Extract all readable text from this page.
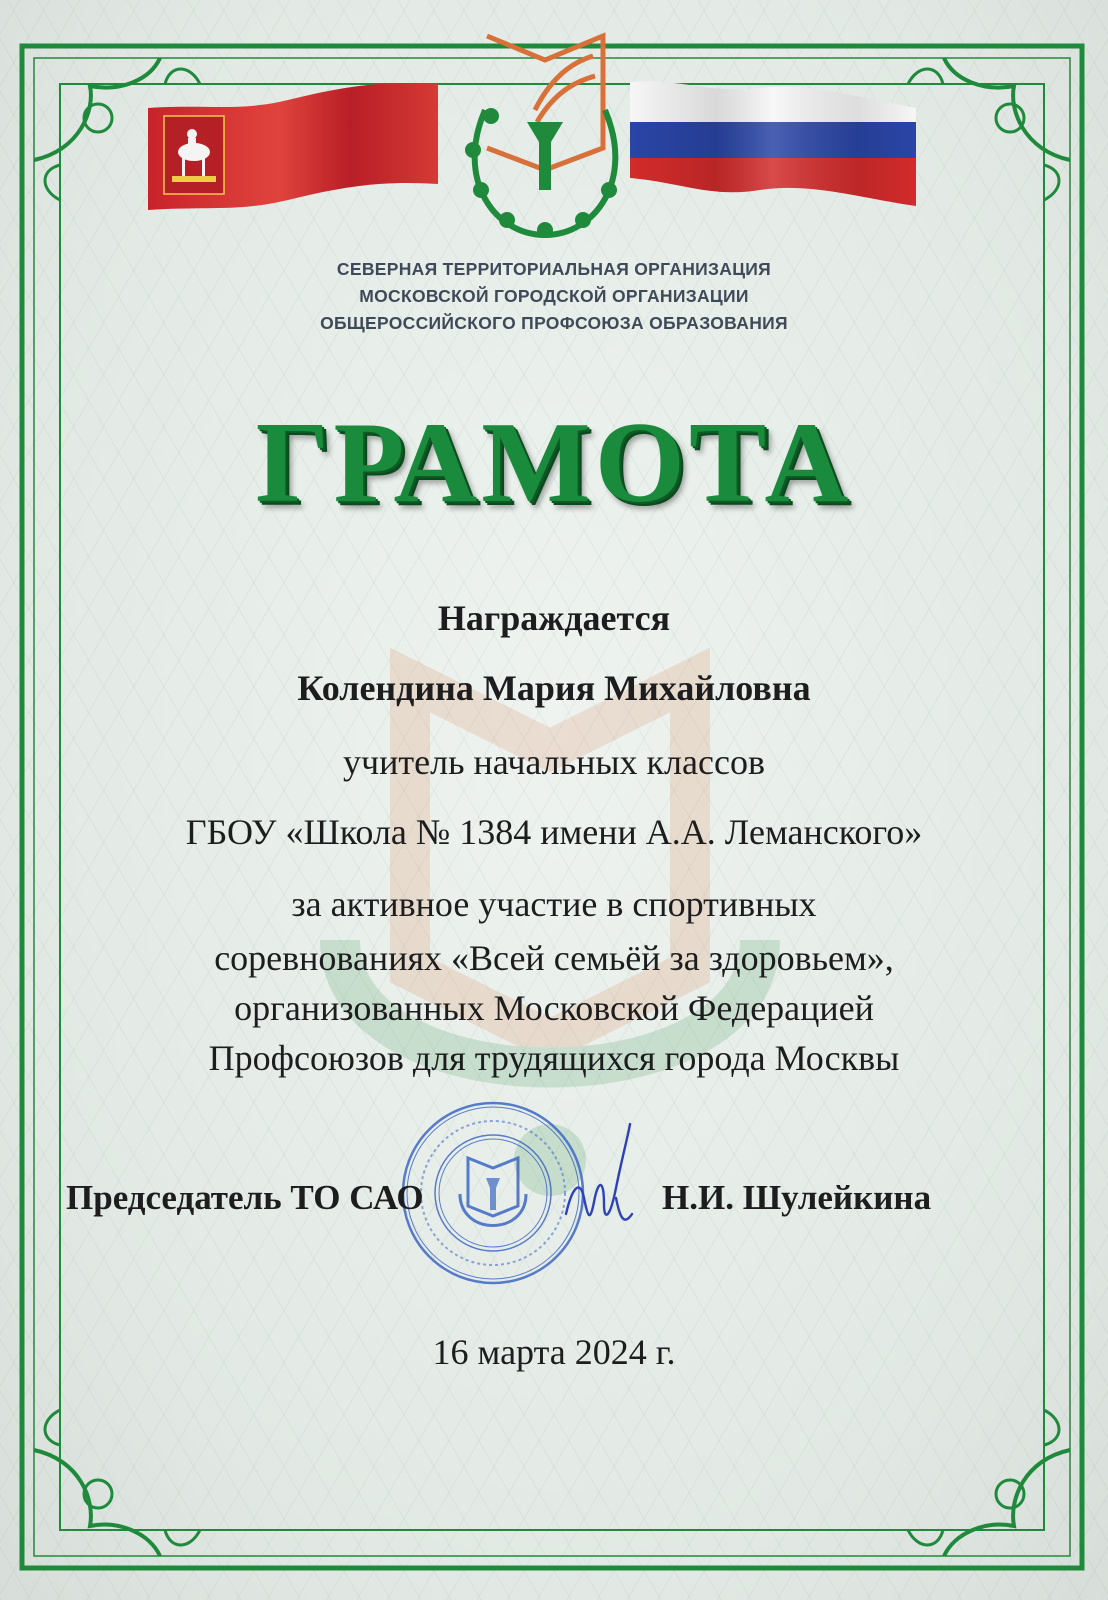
СЕВЕРНАЯ ТЕРРИТОРИАЛЬНАЯ ОРГАНИЗАЦИЯ
МОСКОВСКОЙ ГОРОДСКОЙ ОРГАНИЗАЦИИ
ОБЩЕРОССИЙСКОГО ПРОФСОЮЗА ОБРАЗОВАНИЯ
ГРАМОТА
Награждается
Колендина Мария Михайловна
учитель начальных классов
ГБОУ «Школа № 1384 имени А.А. Леманского»
за активное участие в спортивных
соревнованиях «Всей семьёй за здоровьем»,
организованных Московской Федерацией
Профсоюзов для трудящихся города Москвы
Председатель ТО САО	Н.И. Шулейкина
16 марта 2024 г.
